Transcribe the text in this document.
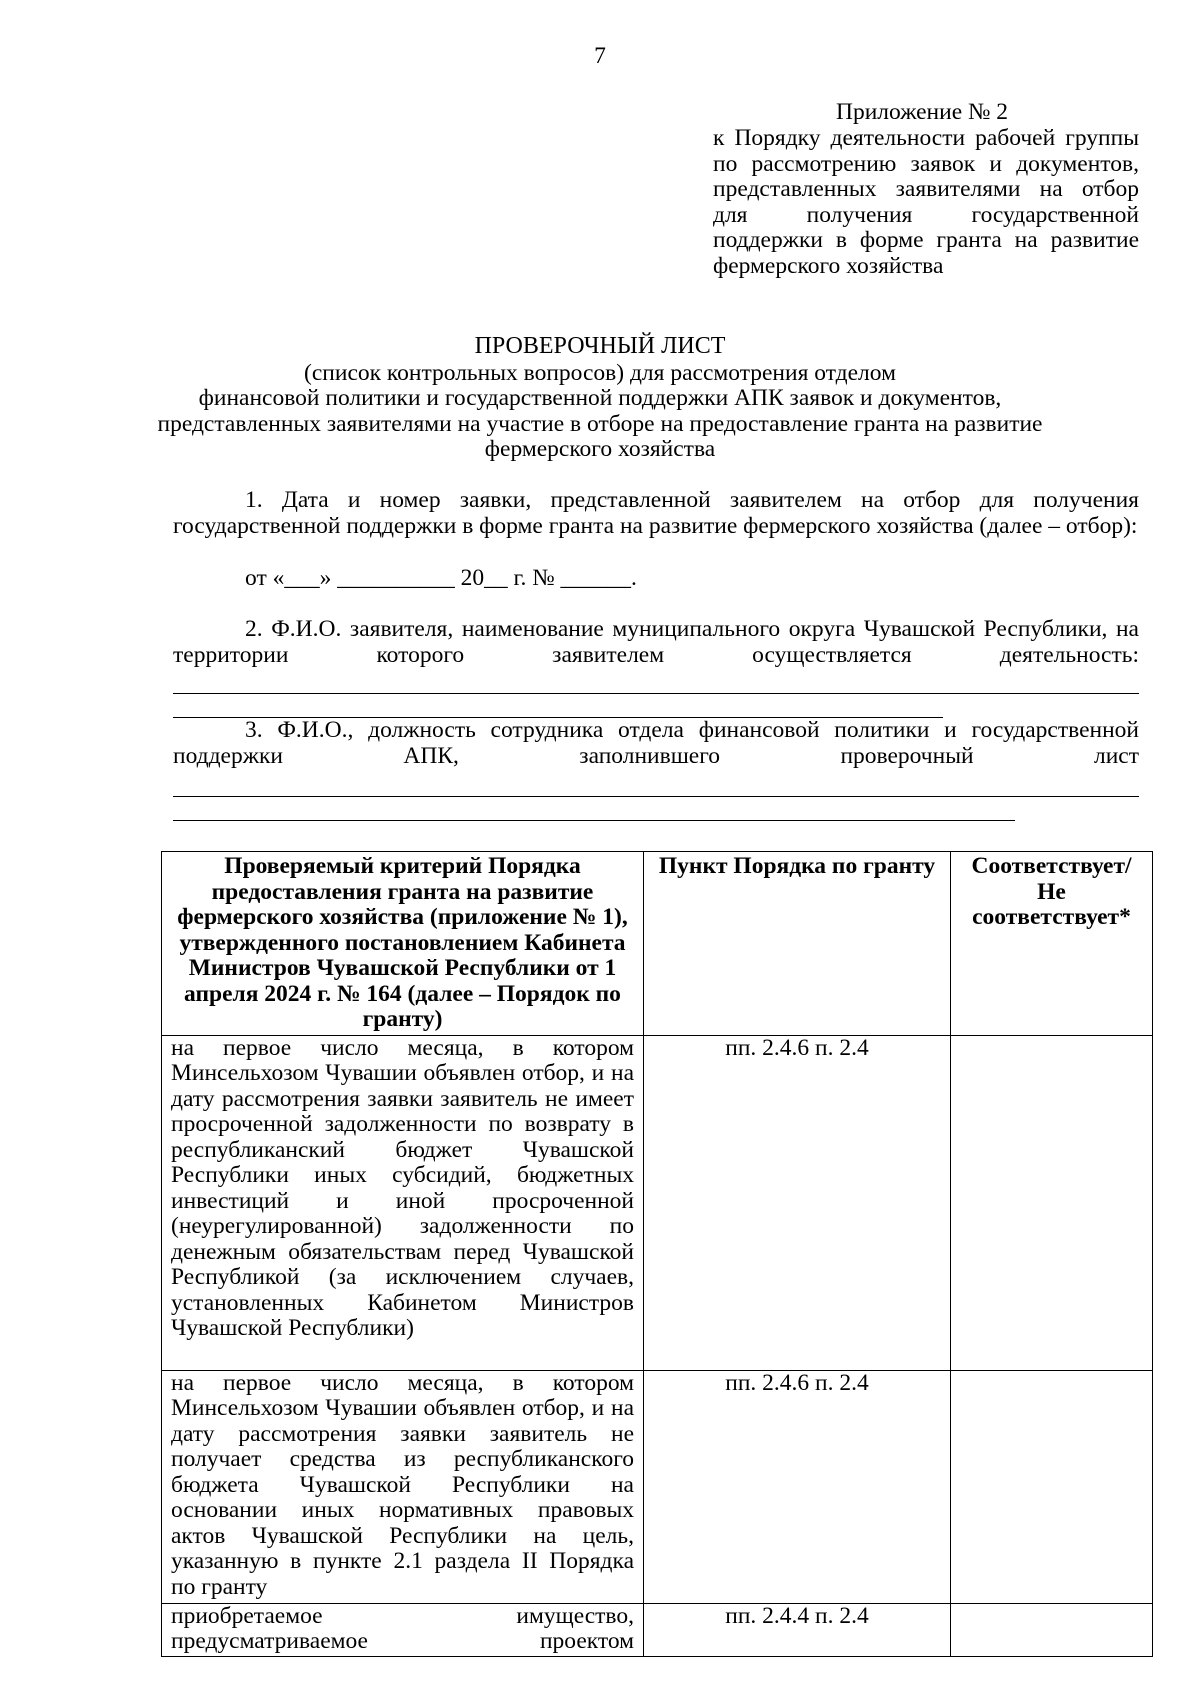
7
Приложение № 2
к Порядку деятельности рабочей группы по рассмотрению заявок и документов, представленных заявителями на отбор для получения государственной поддержки в форме гранта на развитие фермерского хозяйства
ПРОВЕРОЧНЫЙ ЛИСТ
(список контрольных вопросов) для рассмотрения отделом
финансовой политики и государственной поддержки АПК заявок и документов,
представленных заявителями на участие в отборе на предоставление гранта на развитие
фермерского хозяйства
1. Дата и номер заявки, представленной заявителем на отбор для получения государственной поддержки в форме гранта на развитие фермерского хозяйства (далее – отбор):
от «___» __________ 20__ г. № ______.
2. Ф.И.О. заявителя, наименование муниципального округа Чувашской Республики, на территории которого заявителем осуществляется деятельность:
3. Ф.И.О., должность сотрудника отдела финансовой политики и государственной поддержки АПК, заполнившего проверочный лист
Проверяемый критерий Порядка предоставления гранта на развитие фермерского хозяйства (приложение № 1), утвержденного постановлением Кабинета Министров Чувашской Республики от 1 апреля 2024 г. № 164 (далее – Порядок по гранту)	Пункт Порядка по гранту	Соответствует/ Не соответствует*
на первое число месяца, в котором Минсельхозом Чувашии объявлен отбор, и на дату рассмотрения заявки заявитель не имеет просроченной задолженности по возврату в республиканский бюджет Чувашской Республики иных субсидий, бюджетных инвестиций и иной просроченной (неурегулированной) задолженности по денежным обязательствам перед Чувашской Республикой (за исключением случаев, установленных Кабинетом Министров
Чувашской Республики)	пп. 2.4.6 п. 2.4	
на первое число месяца, в котором Минсельхозом Чувашии объявлен отбор, и на дату рассмотрения заявки заявитель не получает средства из республиканского бюджета Чувашской Республики на основании иных нормативных правовых актов Чувашской Республики на цель, указанную в пункте 2.1 раздела II Порядка
по гранту	пп. 2.4.6 п. 2.4	
приобретаемое имущество, предусматриваемое проектом	пп. 2.4.4 п. 2.4	
